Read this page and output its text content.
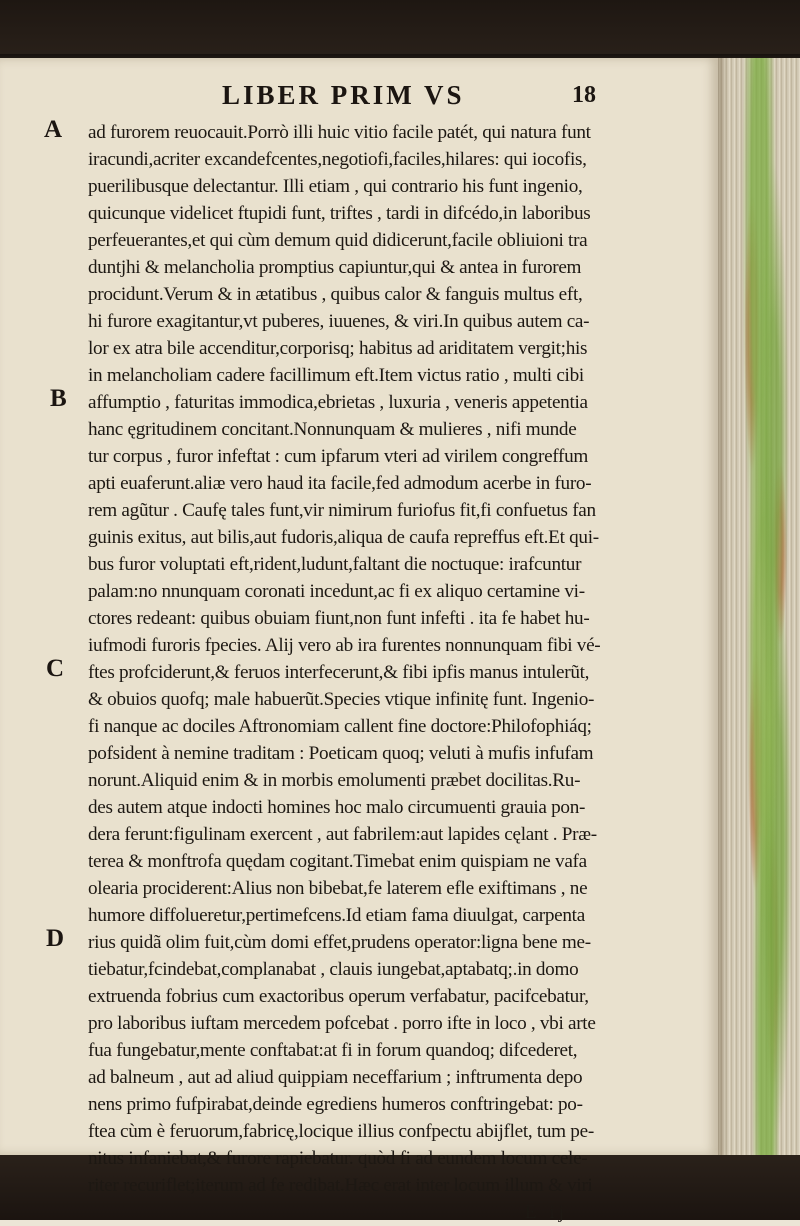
LIBER PRIM VS	18
A
B
C
D
ad furorem reuocauit.Porrò illi huic vitio facile patét, qui natura funt
iracundi,acriter excandefcentes,negotiofi,faciles,hilares: qui iocofis,
puerilibusque delectantur. Illi etiam , qui contrario his funt ingenio,
quicunque videlicet ftupidi funt, triftes , tardi in difcédo,in laboribus
perfeuerantes,et qui cùm demum quid didicerunt,facile obliuioni tra
duntjhi & melancholia promptius capiuntur,qui & antea in furorem
procidunt.Verum & in ætatibus , quibus calor & fanguis multus eft,
hi furore exagitantur,vt puberes, iuuenes, & viri.In quibus autem ca-
lor ex atra bile accenditur,corporisq; habitus ad ariditatem vergit;his
in melancholiam cadere facillimum eft.Item victus ratio , multi cibi
affumptio , faturitas immodica,ebrietas , luxuria , veneris appetentia
hanc ęgritudinem concitant.Nonnunquam & mulieres , nifi munde
tur corpus , furor infeftat : cum ipfarum vteri ad virilem congreffum
apti euaferunt.aliæ vero haud ita facile,fed admodum acerbe in furo-
rem agũtur . Caufę tales funt,vir nimirum furiofus fit,fi confuetus fan
guinis exitus, aut bilis,aut fudoris,aliqua de caufa repreffus eft.Et qui-
bus furor voluptati eft,rident,ludunt,faltant die noctuque: irafcuntur
palam:no nnunquam coronati incedunt,ac fi ex aliquo certamine vi-
ctores redeant: quibus obuiam fiunt,non funt infefti . ita fe habet hu-
iufmodi furoris fpecies. Alij vero ab ira furentes nonnunquam fibi vé-
ftes profciderunt,& feruos interfecerunt,& fibi ipfis manus intulerũt,
& obuios quofq; male habuerũt.Species vtique infinitę funt. Ingenio-
fi nanque ac dociles Aftronomiam callent fine doctore:Philofophiáq;
pofsident à nemine traditam : Poeticam quoq; veluti à mufis infufam
norunt.Aliquid enim & in morbis emolumenti præbet docilitas.Ru-
des autem atque indocti homines hoc malo circumuenti grauia pon-
dera ferunt:figulinam exercent , aut fabrilem:aut lapides cęlant . Præ-
terea & monftrofa quędam cogitant.Timebat enim quispiam ne vafa
olearia prociderent:Alius non bibebat,fe laterem efle exiftimans , ne
humore diffolueretur,pertimefcens.Id etiam fama diuulgat, carpenta
rius quidã olim fuit,cùm domi effet,prudens operator:ligna bene me-
tiebatur,fcindebat,complanabat , clauis iungebat,aptabatq;.in domo
extruenda fobrius cum exactoribus operum verfabatur, pacifcebatur,
pro laboribus iuftam mercedem pofcebat . porro ifte in loco , vbi arte
fua fungebatur,mente conftabat:at fi in forum quandoq; difcederet,
ad balneum , aut ad aliud quippiam neceffarium ; inftrumenta depo
nens primo fufpirabat,deinde egrediens humeros conftringebat: po-
ftea cùm è feruorum,fabricę,locique illius confpectu abijflet, tum pe-
nitus infaniebat,& furore rapiebatur. quòd fi ad eundem locum cele-
riter recuriflet;iterum ad fe redibat.Hæc erat inter locum illum & viri
E ij
